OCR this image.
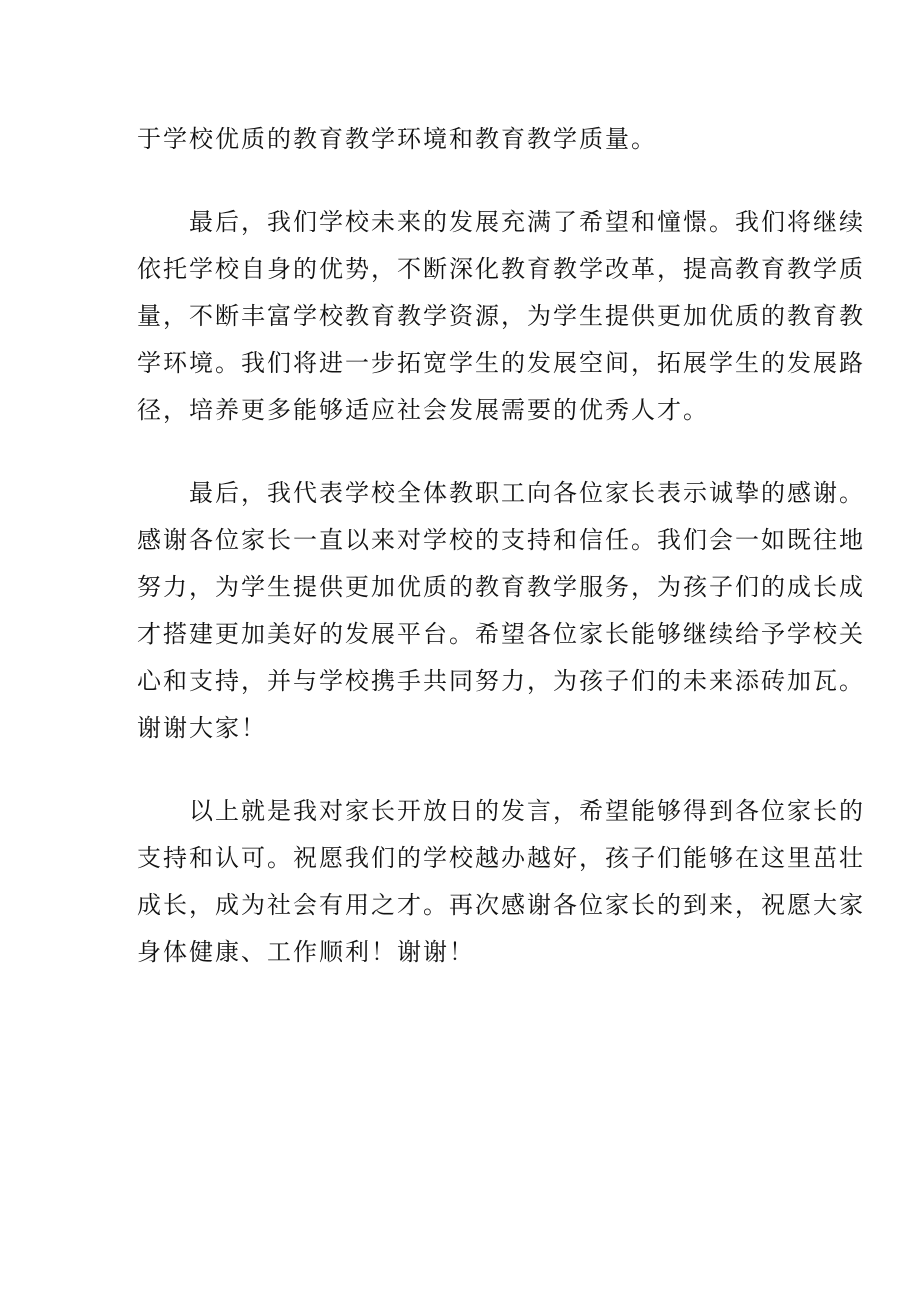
于学校优质的教育教学环境和教育教学质量。
　　最后，我们学校未来的发展充满了希望和憧憬。我们将继续
依托学校自身的优势，不断深化教育教学改革，提高教育教学质
量，不断丰富学校教育教学资源，为学生提供更加优质的教育教
学环境。我们将进一步拓宽学生的发展空间，拓展学生的发展路
径，培养更多能够适应社会发展需要的优秀人才。
　　最后，我代表学校全体教职工向各位家长表示诚挚的感谢。
感谢各位家长一直以来对学校的支持和信任。我们会一如既往地
努力，为学生提供更加优质的教育教学服务，为孩子们的成长成
才搭建更加美好的发展平台。希望各位家长能够继续给予学校关
心和支持，并与学校携手共同努力，为孩子们的未来添砖加瓦。
谢谢大家！
　　以上就是我对家长开放日的发言，希望能够得到各位家长的
支持和认可。祝愿我们的学校越办越好，孩子们能够在这里茁壮
成长，成为社会有用之才。再次感谢各位家长的到来，祝愿大家
身体健康、工作顺利！谢谢！
